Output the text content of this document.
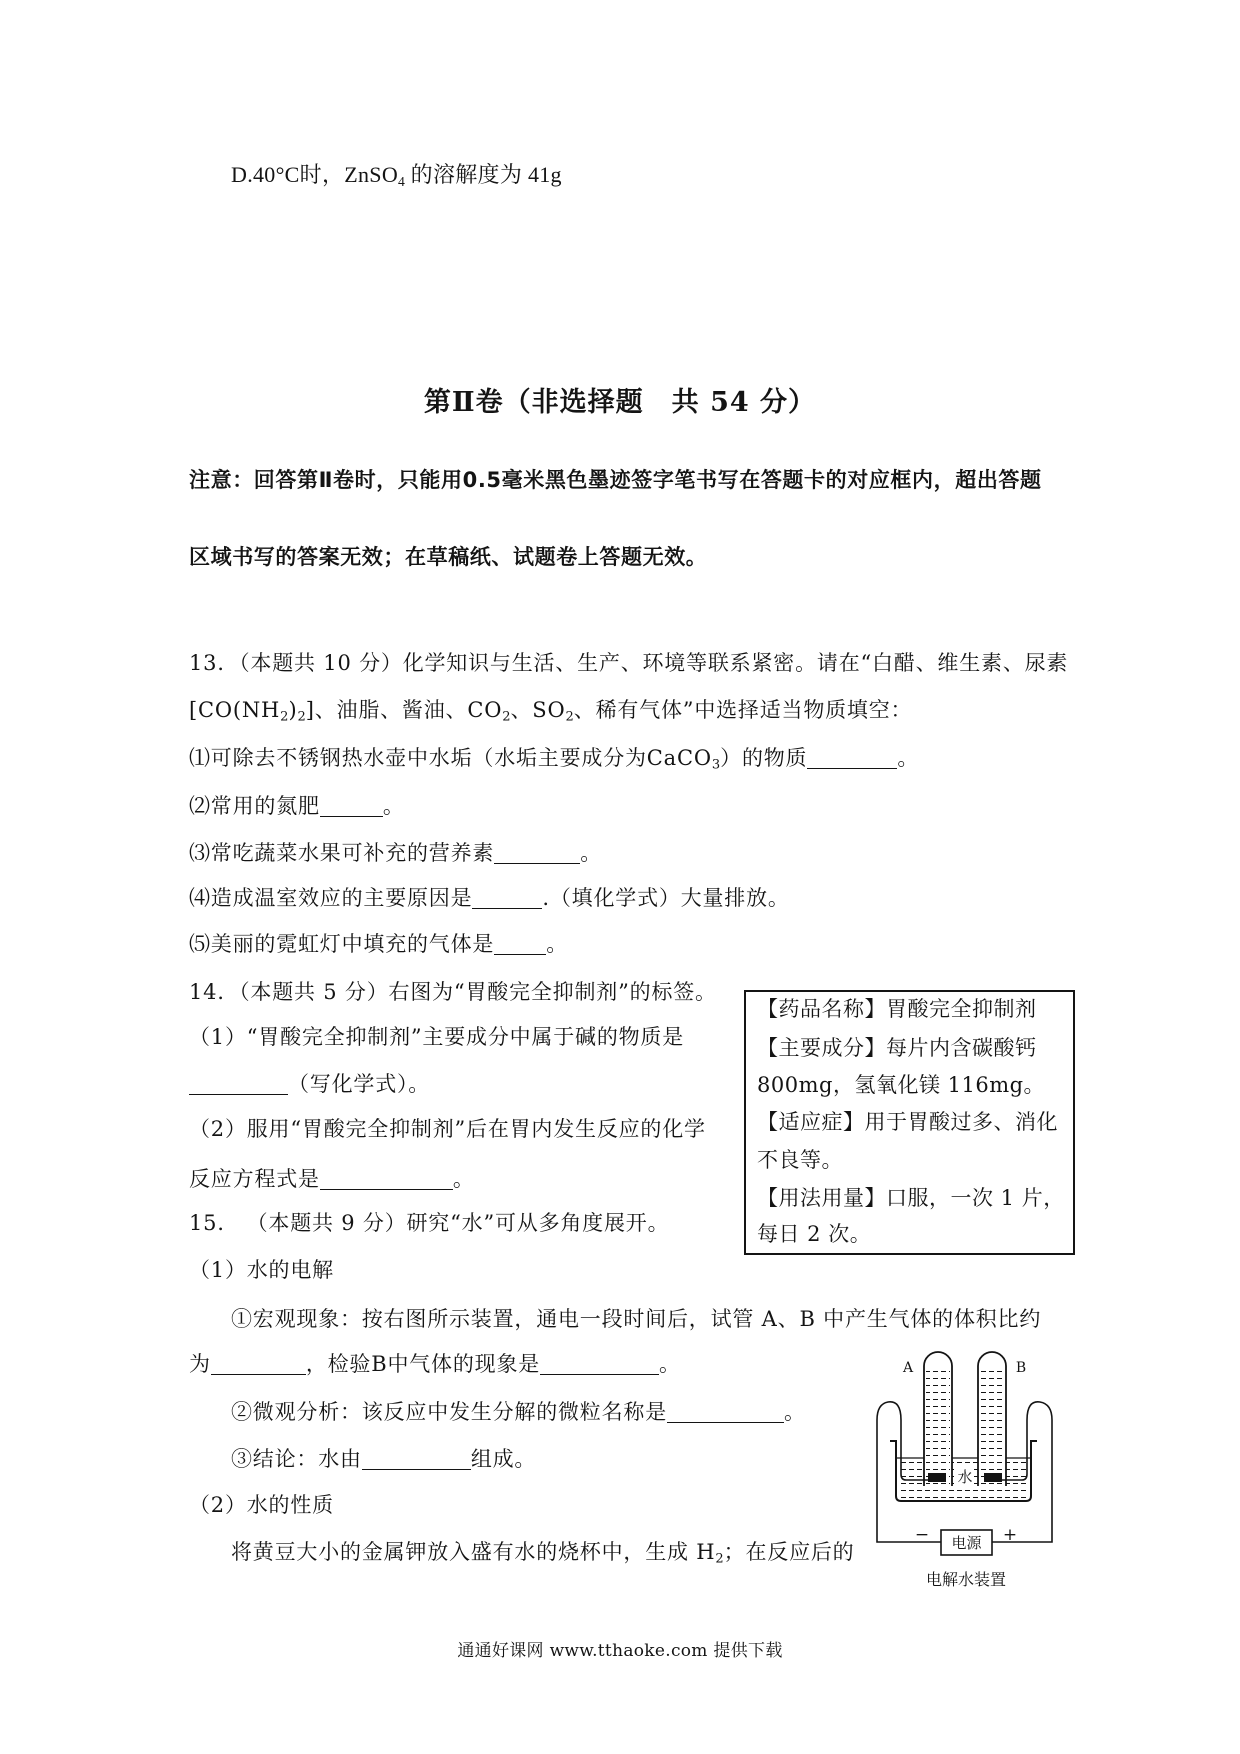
D.40°C时，ZnSO$_4$ 的溶解度为 41g
第Ⅱ卷（非选择题　共 54 分）
注意：回答第Ⅱ卷时，只能用0.5毫米黑色墨迹签字笔书写在答题卡的对应框内，超出答题
区域书写的答案无效；在草稿纸、试题卷上答题无效。
13．（本题共 10 分）化学知识与生活、生产、环境等联系紧密。请在“白醋、维生素、尿素
$[CO(NH_2)_2]$、油脂、酱油、$CO_2$、$SO_2$、稀有气体”中选择适当物质填空：
⑴可除去不锈钢热水壶中水垢（水垢主要成分为CaCO$_3$）的物质	。
⑵常用的氮肥	。
⑶常吃蔬菜水果可补充的营养素	。
⑷造成温室效应的主要原因是	.（填化学式）大量排放。
⑸美丽的霓虹灯中填充的气体是 。
14．（本题共 5 分）右图为“胃酸完全抑制剂”的标签。
（1）“胃酸完全抑制剂”主要成分中属于碱的物质是
（写化学式）。
（2）服用“胃酸完全抑制剂”后在胃内发生反应的化学
反应方程式是	。
【药品名称】胃酸完全抑制剂
【主要成分】每片内含碳酸钙
800mg，氢氧化镁 116mg。
【适应症】用于胃酸过多、消化
不良等。
【用法用量】口服，一次 1 片，
每日 2 次。
15． （本题共 9 分）研究“水”可从多角度展开。
（1）水的电解
①宏观现象：按右图所示装置，通电一段时间后，试管 A、B 中产生气体的体积比约
为	，检验B中气体的现象是	。
②微观分析：该反应中发生分解的微粒名称是	。
③结论：水由	组成。
（2）水的性质
将黄豆大小的金属钾放入盛有水的烧杯中，生成 $H_2$；在反应后的	电源
−	+
A	B
水
电解水装置
通通好课网 www.tthaoke.com 提供下载
